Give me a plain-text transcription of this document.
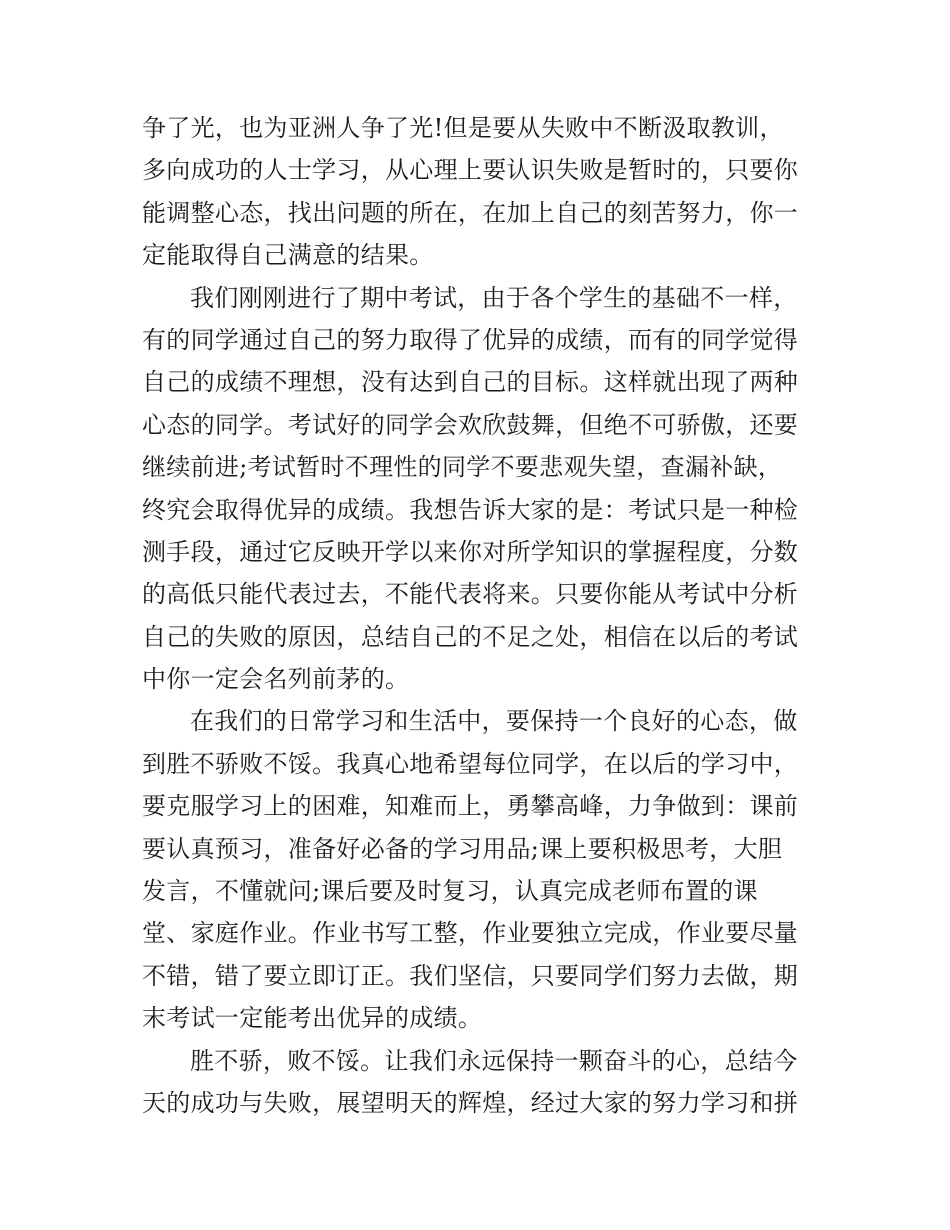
争了光，也为亚洲人争了光!但是要从失败中不断汲取教训，
多向成功的人士学习，从心理上要认识失败是暂时的，只要你
能调整心态，找出问题的所在，在加上自己的刻苦努力，你一
定能取得自己满意的结果。
我们刚刚进行了期中考试，由于各个学生的基础不一样，
有的同学通过自己的努力取得了优异的成绩，而有的同学觉得
自己的成绩不理想，没有达到自己的目标。这样就出现了两种
心态的同学。考试好的同学会欢欣鼓舞，但绝不可骄傲，还要
继续前进;考试暂时不理性的同学不要悲观失望，查漏补缺，
终究会取得优异的成绩。我想告诉大家的是：考试只是一种检
测手段，通过它反映开学以来你对所学知识的掌握程度，分数
的高低只能代表过去，不能代表将来。只要你能从考试中分析
自己的失败的原因，总结自己的不足之处，相信在以后的考试
中你一定会名列前茅的。
在我们的日常学习和生活中，要保持一个良好的心态，做
到胜不骄败不馁。我真心地希望每位同学，在以后的学习中，
要克服学习上的困难，知难而上，勇攀高峰，力争做到：课前
要认真预习，准备好必备的学习用品;课上要积极思考，大胆
发言，不懂就问;课后要及时复习，认真完成老师布置的课
堂、家庭作业。作业书写工整，作业要独立完成，作业要尽量
不错，错了要立即订正。我们坚信，只要同学们努力去做，期
末考试一定能考出优异的成绩。
胜不骄，败不馁。让我们永远保持一颗奋斗的心，总结今
天的成功与失败，展望明天的辉煌，经过大家的努力学习和拼
